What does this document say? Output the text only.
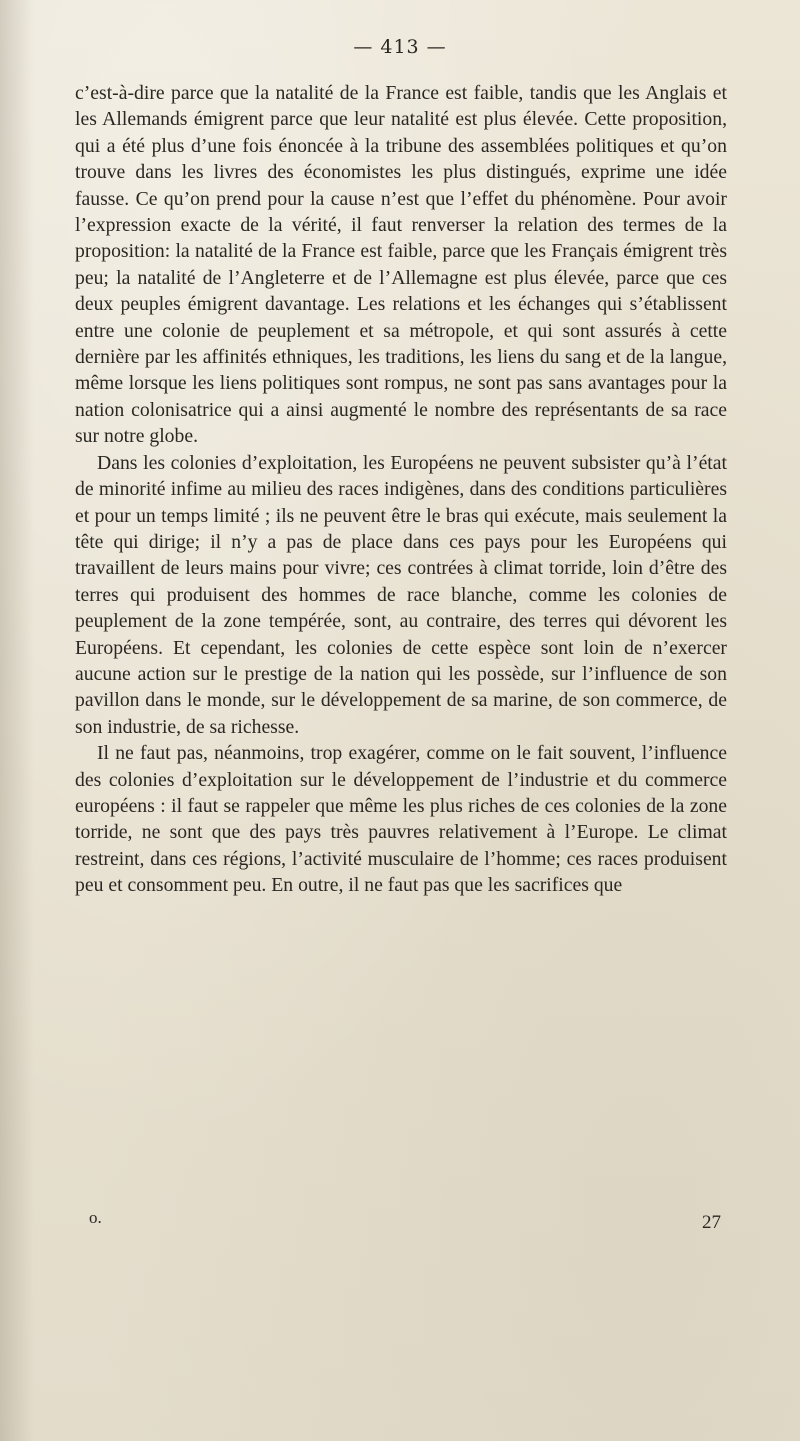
— 413 —

c’est-à-dire parce que la natalité de la France est faible, tandis que les Anglais et les Allemands émigrent parce que leur natalité est plus élevée. Cette proposition, qui a été plus d’une fois énoncée à la tribune des assemblées politiques et qu’on trouve dans les livres des économistes les plus distingués, exprime une idée fausse. Ce qu’on prend pour la cause n’est que l’effet du phénomène. Pour avoir l’expression exacte de la vérité, il faut renverser la relation des termes de la proposition: la natalité de la France est faible, parce que les Français émigrent très peu; la natalité de l’Angleterre et de l’Allemagne est plus élevée, parce que ces deux peuples émigrent davantage. Les relations et les échanges qui s’établissent entre une colonie de peuplement et sa métropole, et qui sont assurés à cette dernière par les affinités ethniques, les traditions, les liens du sang et de la langue, même lorsque les liens politiques sont rompus, ne sont pas sans avantages pour la nation colonisatrice qui a ainsi augmenté le nombre des représentants de sa race sur notre globe.

Dans les colonies d’exploitation, les Européens ne peuvent subsister qu’à l’état de minorité infime au milieu des races indigènes, dans des conditions particulières et pour un temps limité ; ils ne peuvent être le bras qui exécute, mais seulement la tête qui dirige; il n’y a pas de place dans ces pays pour les Européens qui travaillent de leurs mains pour vivre; ces contrées à climat torride, loin d’être des terres qui produisent des hommes de race blanche, comme les colonies de peuplement de la zone tempérée, sont, au contraire, des terres qui dévorent les Européens. Et cependant, les colonies de cette espèce sont loin de n’exercer aucune action sur le prestige de la nation qui les possède, sur l’influence de son pavillon dans le monde, sur le développement de sa marine, de son commerce, de son industrie, de sa richesse.

Il ne faut pas, néanmoins, trop exagérer, comme on le fait souvent, l’influence des colonies d’exploitation sur le développement de l’industrie et du commerce européens : il faut se rappeler que même les plus riches de ces colonies de la zone torride, ne sont que des pays très pauvres relativement à l’Europe. Le climat restreint, dans ces régions, l’activité musculaire de l’homme; ces races produisent peu et consomment peu. En outre, il ne faut pas que les sacrifices que

o.	27
